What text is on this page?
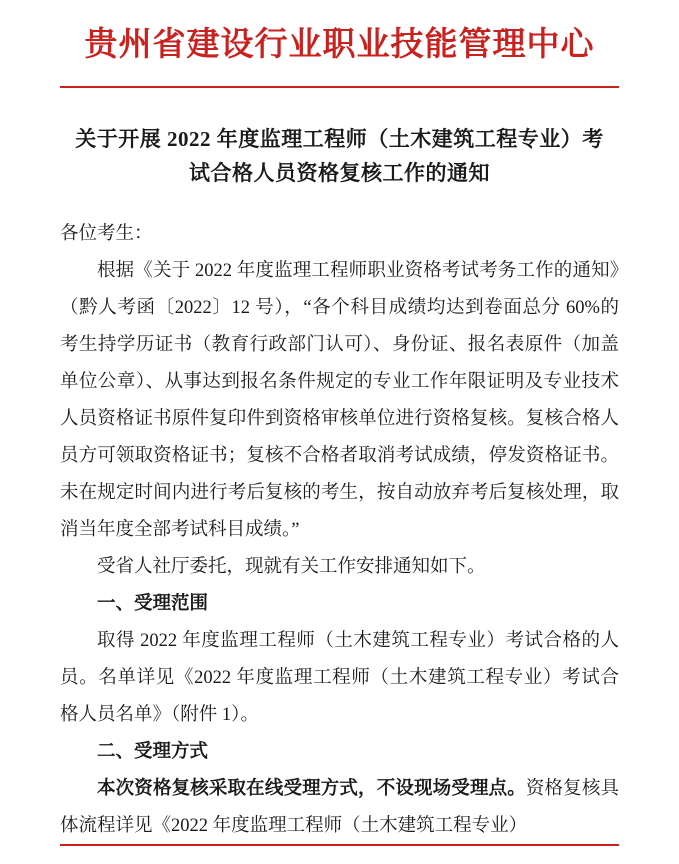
贵州省建设行业职业技能管理中心
关于开展 2022 年度监理工程师（土木建筑工程专业）考试合格人员资格复核工作的通知

各位考生：

根据《关于 2022 年度监理工程师职业资格考试考务工作的通知》（黔人考函〔2022〕12 号），“各个科目成绩均达到卷面总分 60%的考生持学历证书（教育行政部门认可）、身份证、报名表原件（加盖单位公章）、从事达到报名条件规定的专业工作年限证明及专业技术人员资格证书原件复印件到资格审核单位进行资格复核。复核合格人员方可领取资格证书；复核不合格者取消考试成绩，停发资格证书。未在规定时间内进行考后复核的考生，按自动放弃考后复核处理，取消当年度全部考试科目成绩。”

受省人社厅委托，现就有关工作安排通知如下。

一、受理范围

取得 2022 年度监理工程师（土木建筑工程专业）考试合格的人员。名单详见《2022 年度监理工程师（土木建筑工程专业）考试合格人员名单》（附件 1）。

二、受理方式

本次资格复核采取在线受理方式，不设现场受理点。资格复核具体流程详见《2022 年度监理工程师（土木建筑工程专业）
